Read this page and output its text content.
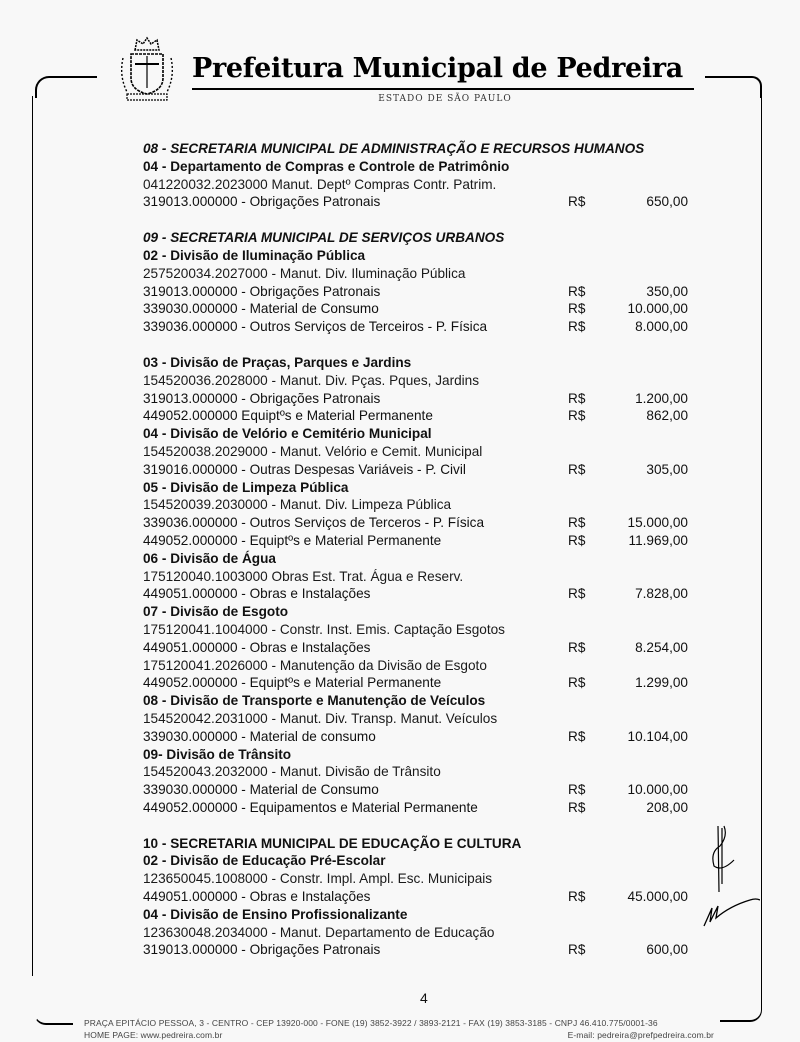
Prefeitura Municipal de Pedreira
ESTADO DE SÃO PAULO
08 - SECRETARIA MUNICIPAL DE ADMINISTRAÇÃO E RECURSOS HUMANOS
04 - Departamento de Compras e Controle de Patrimônio
041220032.2023000 Manut. Deptº Compras Contr. Patrim.
319013.000000 - Obrigações Patronais	R$	650,00
09 - SECRETARIA MUNICIPAL DE SERVIÇOS URBANOS
02 - Divisão de Iluminação Pública
257520034.2027000 - Manut. Div. Iluminação Pública
319013.000000 - Obrigações Patronais	R$	350,00
339030.000000 - Material de Consumo	R$	10.000,00
339036.000000 - Outros Serviços de Terceiros - P. Física	R$	8.000,00
03 - Divisão de Praças, Parques e Jardins
154520036.2028000 - Manut. Div. Pças. Pques, Jardins
319013.000000 - Obrigações Patronais	R$	1.200,00
449052.000000 Equiptºs e Material Permanente	R$	862,00
04 - Divisão de Velório e Cemitério Municipal
154520038.2029000 - Manut. Velório e Cemit. Municipal
319016.000000 - Outras Despesas Variáveis - P. Civil	R$	305,00
05 - Divisão de Limpeza Pública
154520039.2030000 - Manut. Div. Limpeza Pública
339036.000000 - Outros Serviços de Terceros - P. Física	R$	15.000,00
449052.000000 - Equiptºs e Material Permanente	R$	11.969,00
06 - Divisão de Água
175120040.1003000 Obras Est. Trat. Água e Reserv.
449051.000000 - Obras e Instalações	R$	7.828,00
07 - Divisão de Esgoto
175120041.1004000 - Constr. Inst. Emis. Captação Esgotos
449051.000000 - Obras e Instalações	R$	8.254,00
175120041.2026000 - Manutenção da Divisão de Esgoto
449052.000000 - Equiptºs e Material Permanente	R$	1.299,00
08 - Divisão de Transporte e Manutenção de Veículos
154520042.2031000 - Manut. Div. Transp. Manut. Veículos
339030.000000 - Material de consumo	R$	10.104,00
09- Divisão de Trânsito
154520043.2032000 - Manut. Divisão de Trânsito
339030.000000 - Material de Consumo	R$	10.000,00
449052.000000 - Equipamentos e Material Permanente	R$	208,00
10 - SECRETARIA MUNICIPAL DE EDUCAÇÃO E CULTURA
02 - Divisão de Educação Pré-Escolar
123650045.1008000 - Constr. Impl. Ampl. Esc. Municipais
449051.000000 - Obras e Instalações	R$	45.000,00
04 - Divisão de Ensino Profissionalizante
123630048.2034000 - Manut. Departamento de Educação
319013.000000 - Obrigações Patronais	R$	600,00
4
PRAÇA EPITÁCIO PESSOA, 3 - CENTRO - CEP 13920-000 - FONE (19) 3852-3922 / 3893-2121 - FAX (19) 3853-3185 - CNPJ 46.410.775/0001-36
HOME PAGE: www.pedreira.com.br	E-mail: pedreira@prefpedreira.com.br
